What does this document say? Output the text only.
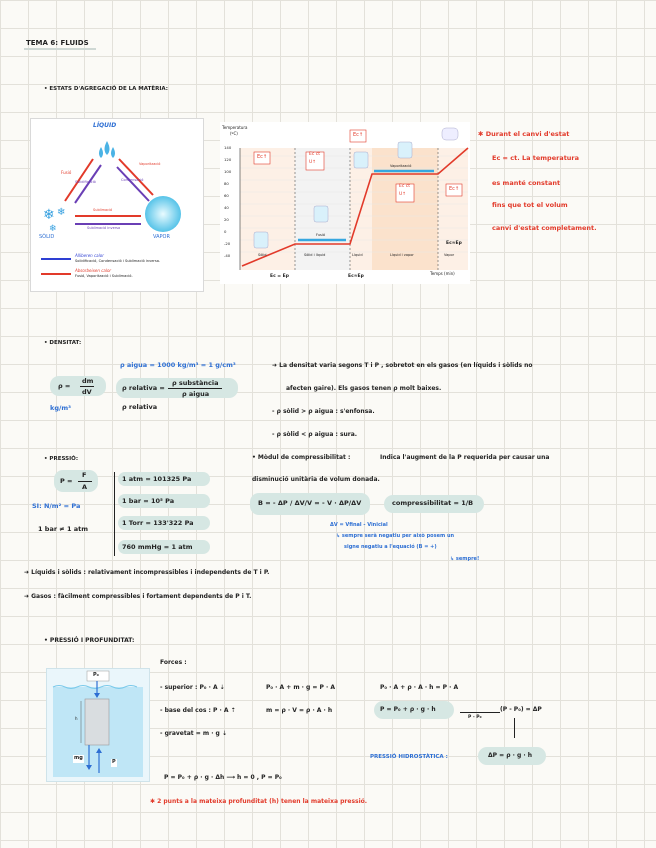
TEMA 6: FLUIDS
• ESTATS D'AGREGACIÓ DE LA MATÈRIA:
❄ ❄
❄
LÍQUID
SÒLID	VAPOR
Fusió
Solidificació
Vaporització
Condensació
Sublimació
Sublimació inversa
Alliberen calor
Solidificació, Condensació i Sublimació inversa.
Absorbeixen calor
Fusió, Vaporització i Sublimació.
Temperatura
(ºC)
140
120
100
80
60
40
20
0
-20
-40
Temps (min)
Sòlid	Sòlid i líquid	Líquid	Líquid i vapor	Vapor
Fusió
Vaporització
Ec↑	Ec ct
U↑
Ec↑
Ec ct
U↑
Ec↑
Ec = Ep	Ec≈Ep
Ec≈Ep
✱ Durant el canvi d'estat
Ec = ct. La temperatura
es manté constant
fins que tot el volum
canvi d'estat completament.
• DENSITAT:
ρ =
dm
dV
kg/m³
ρ aigua = 1000 kg/m³ = 1 g/cm³
ρ relativa =
ρ substància
ρ aigua
ρ relativa
➜ La densitat varia segons T i P , sobretot en els gasos (en líquids i sòlids no
afecten gaire). Els gasos tenen ρ molt baixes.
- ρ sòlid > ρ aigua : s'enfonsa.
- ρ sòlid < ρ aigua : sura.
• PRESSIÓ:
P =
F
A
SI: N/m² = Pa
1 bar ≠ 1 atm
1 atm = 101325 Pa
1 bar = 10⁵ Pa
1 Torr = 133'322 Pa
760 mmHg = 1 atm
• Mòdul de compressibilitat :	Indica l'augment de la P requerida per causar una
disminució unitària de volum donada.
B = - ΔP / ΔV/V = - V · ΔP/ΔV	compressibilitat = 1/B
ΔV = Vfinal - Vinicial
↳ sempre serà negatiu per això posem un
signe negatiu a l'equació (B = +)
↳ sempre!
➜ Líquids i sòlids : relativament incompressibles i independents de T i P.
➜ Gasos : fàcilment compressibles i fortament dependents de P i T.
• PRESSIÓ I PROFUNDITAT:
P₀
P
mg
h
Forces :
- superior : P₀ · A ⇣
- base del cos : P · A ⇡
- gravetat = m · g ⇣
P₀ · A + m · g = P · A
m = ρ · V = ρ · A · h
P₀ · A + ρ · A · h = P · A
P = P₀ + ρ · g · h
P - P₀
(P - P₀) = ΔP
PRESSIÓ HIDROSTÀTICA :	ΔP = ρ · g · h
P = P₀ + ρ · g · Δh ⟶ h = 0 , P = P₀
✱ 2 punts a la mateixa profunditat (h) tenen la mateixa pressió.
